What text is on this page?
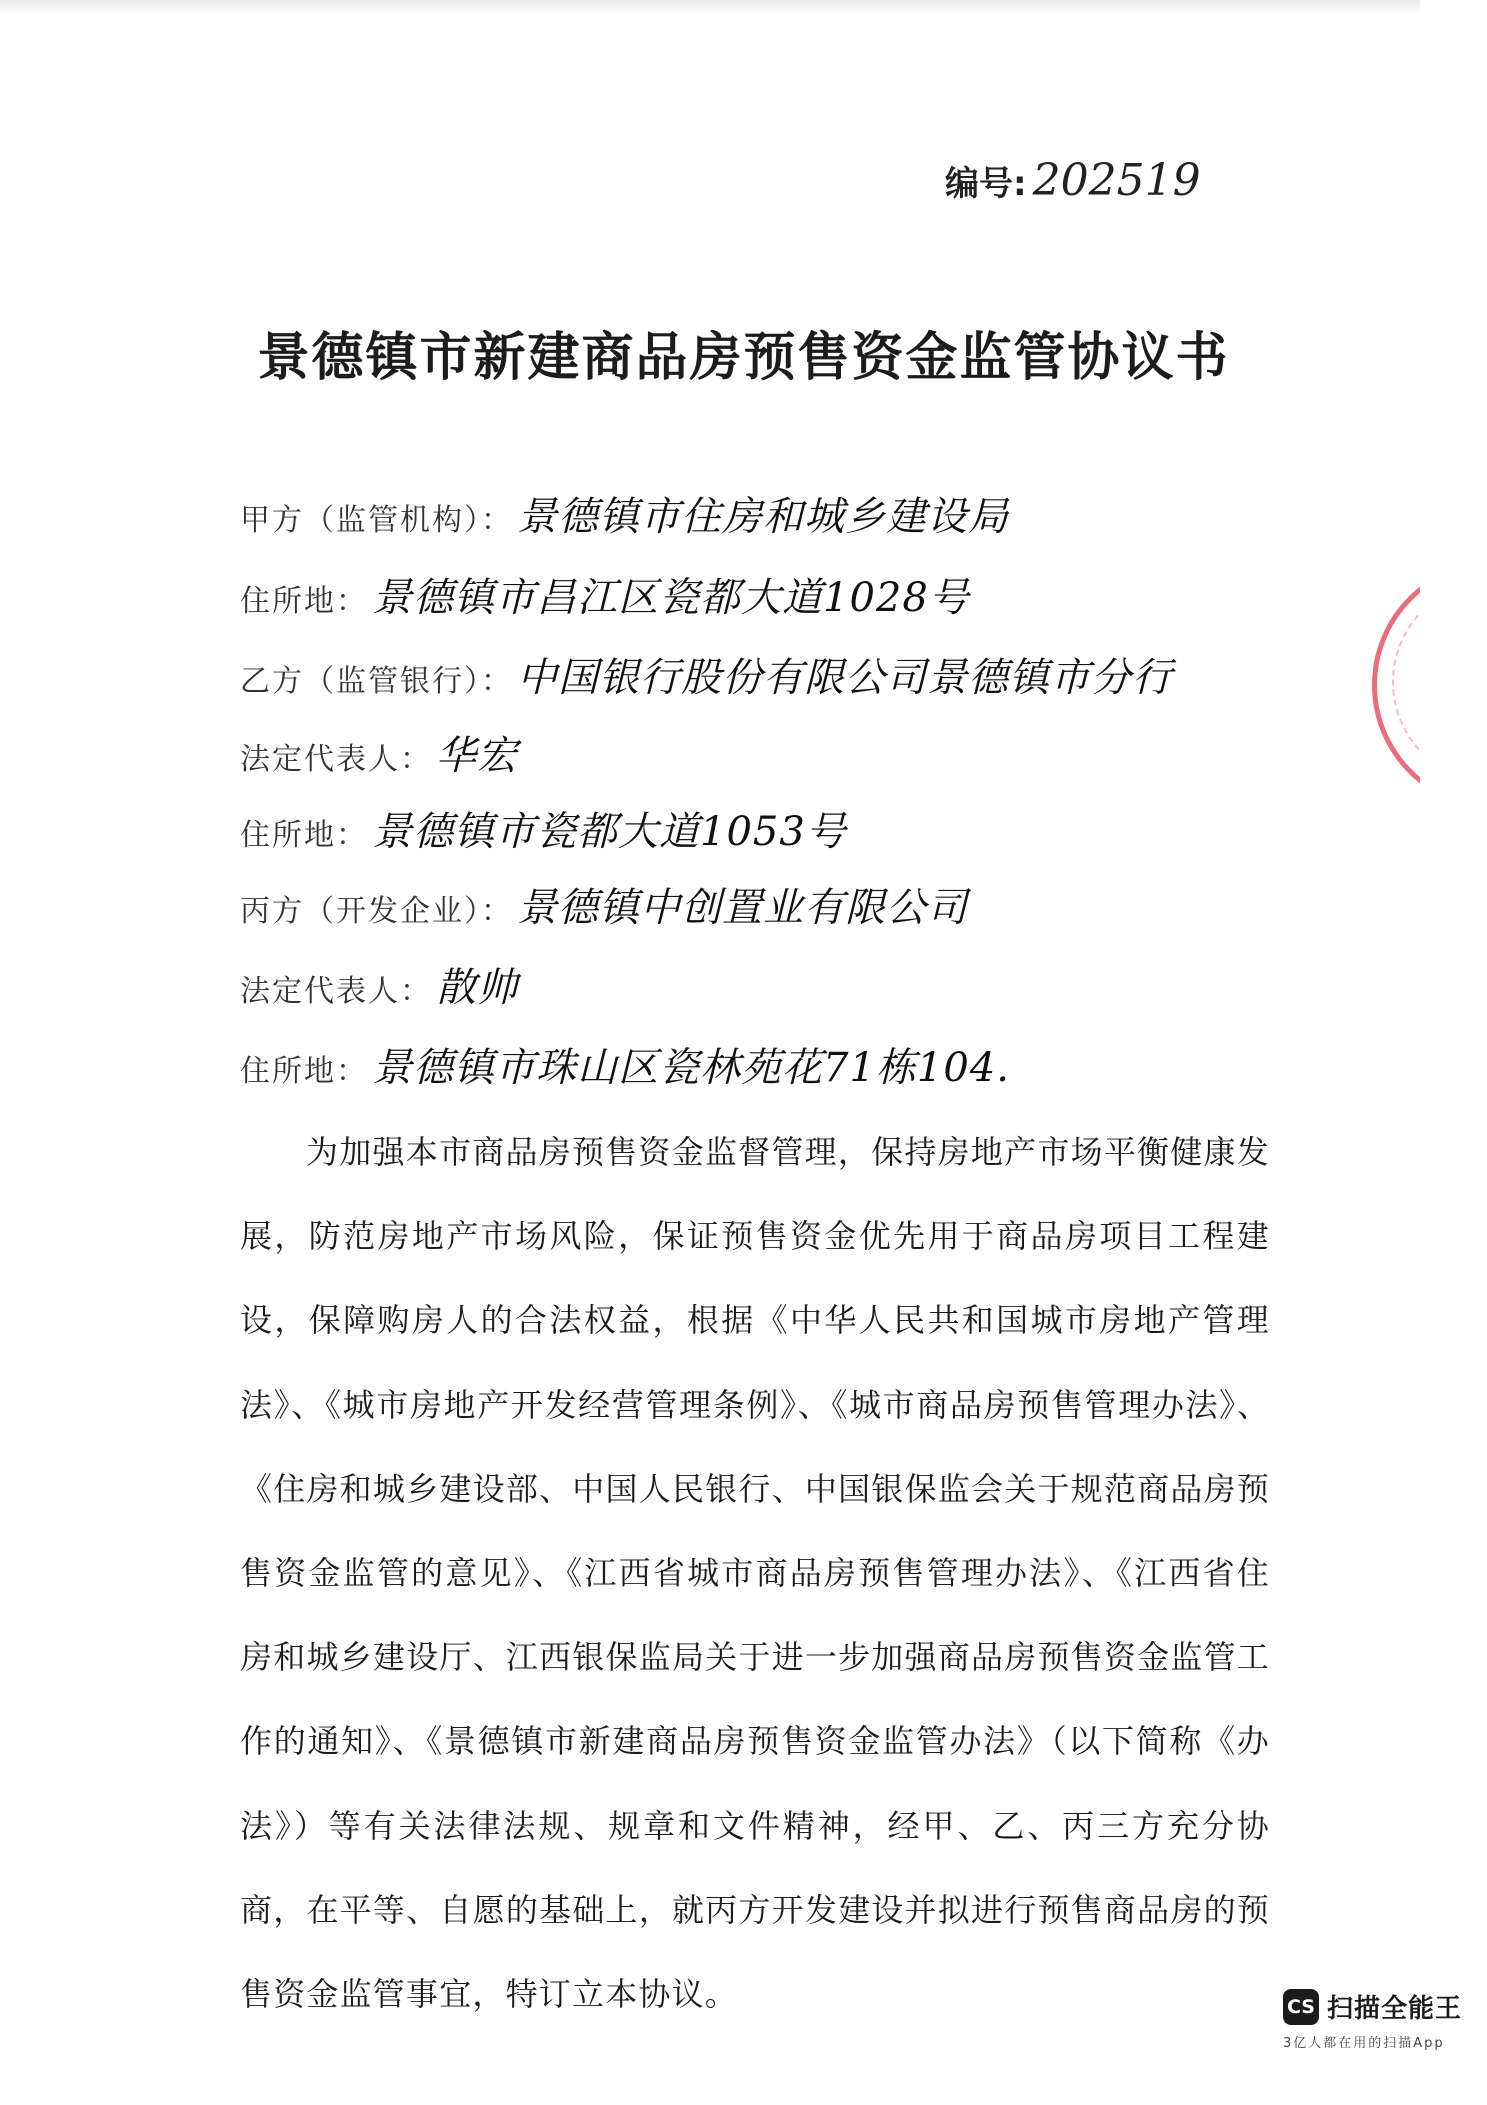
编号: 202519
景德镇市新建商品房预售资金监管协议书
甲方（监管机构）： 景德镇市住房和城乡建设局
住所地： 景德镇市昌江区瓷都大道1028号
乙方（监管银行）： 中国银行股份有限公司景德镇市分行
法定代表人： 华宏
住所地： 景德镇市瓷都大道1053号
丙方（开发企业）： 景德镇中创置业有限公司
法定代表人： 散帅
住所地： 景德镇市珠山区瓷林苑花71栋104.

为加强本市商品房预售资金监督管理，保持房地产市场平衡健康发展，防范房地产市场风险，保证预售资金优先用于商品房项目工程建设，保障购房人的合法权益，根据《中华人民共和国城市房地产管理法》、《城市房地产开发经营管理条例》、《城市商品房预售管理办法》、《住房和城乡建设部、中国人民银行、中国银保监会关于规范商品房预售资金监管的意见》、《江西省城市商品房预售管理办法》、《江西省住房和城乡建设厅、江西银保监局关于进一步加强商品房预售资金监管工作的通知》、《景德镇市新建商品房预售资金监管办法》（以下简称《办法》）等有关法律法规、规章和文件精神，经甲、乙、丙三方充分协商，在平等、自愿的基础上，就丙方开发建设并拟进行预售商品房的预售资金监管事宜，特订立本协议。	CS 扫描全能王
3亿人都在用的扫描App
